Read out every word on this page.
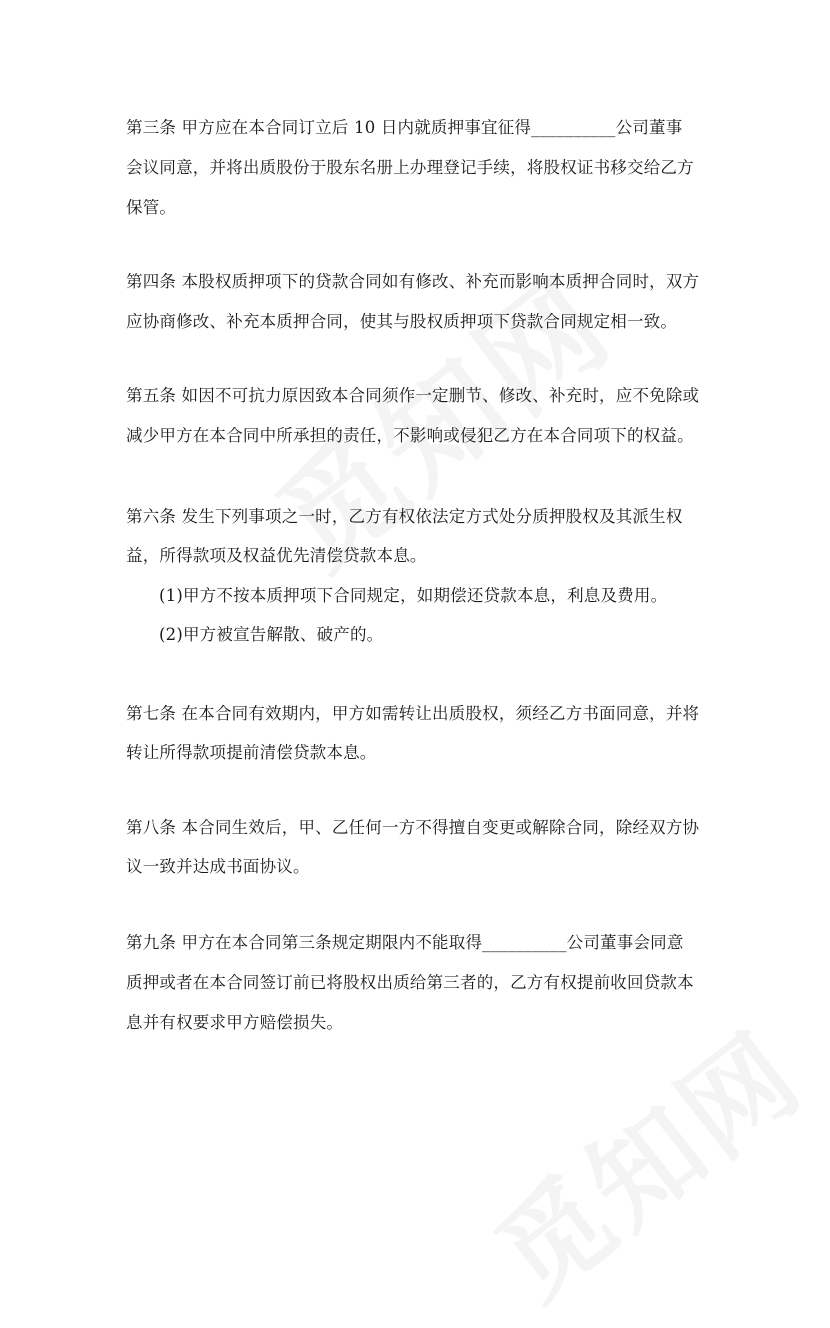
第三条 甲方应在本合同订立后 10 日内就质押事宜征得__________公司董事
会议同意，并将出质股份于股东名册上办理登记手续，将股权证书移交给乙方
保管。
第四条 本股权质押项下的贷款合同如有修改、补充而影响本质押合同时，双方
应协商修改、补充本质押合同，使其与股权质押项下贷款合同规定相一致。
第五条 如因不可抗力原因致本合同须作一定删节、修改、补充时，应不免除或
减少甲方在本合同中所承担的责任，不影响或侵犯乙方在本合同项下的权益。
第六条 发生下列事项之一时，乙方有权依法定方式处分质押股权及其派生权
益，所得款项及权益优先清偿贷款本息。
(1)甲方不按本质押项下合同规定，如期偿还贷款本息，利息及费用。
(2)甲方被宣告解散、破产的。
第七条 在本合同有效期内，甲方如需转让出质股权，须经乙方书面同意，并将
转让所得款项提前清偿贷款本息。
第八条 本合同生效后，甲、乙任何一方不得擅自变更或解除合同，除经双方协
议一致并达成书面协议。
第九条 甲方在本合同第三条规定期限内不能取得__________公司董事会同意
质押或者在本合同签订前已将股权出质给第三者的，乙方有权提前收回贷款本
息并有权要求甲方赔偿损失。
